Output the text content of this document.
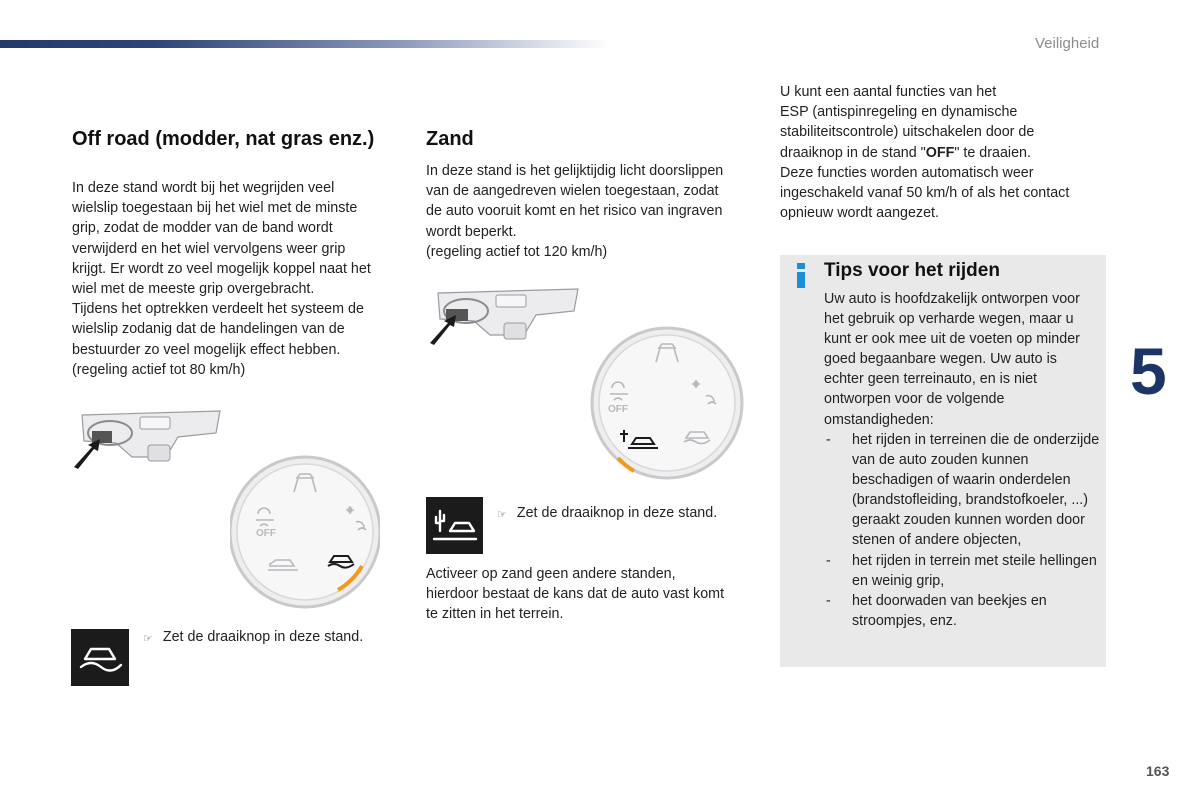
Veiligheid
5
163
Off road (modder, nat gras enz.)

In deze stand wordt bij het wegrijden veel
wielslip toegestaan bij het wiel met de minste
grip, zodat de modder van de band wordt
verwijderd en het wiel vervolgens weer grip
krijgt. Er wordt zo veel mogelijk koppel naat het
wiel met de meeste grip overgebracht.
Tijdens het optrekken verdeelt het systeem de
wielslip zodanig dat de handelingen van de
bestuurder zo veel mogelijk effect hebben.
(regeling actief tot 80 km/h)

OFF
☞ Zet de draaiknop in deze stand.
Zand

In deze stand is het gelijktijdig licht doorslippen
van de aangedreven wielen toegestaan, zodat
de auto vooruit komt en het risico van ingraven
wordt beperkt.
(regeling actief tot 120 km/h)

OFF
☞ Zet de draaiknop in deze stand.

Activeer op zand geen andere standen,
hierdoor bestaat de kans dat de auto vast komt
te zitten in het terrein.

U kunt een aantal functies van het
ESP (antispinregeling en dynamische
stabiliteitscontrole) uitschakelen door de
draaiknop in de stand "OFF" te draaien.
Deze functies worden automatisch weer
ingeschakeld vanaf 50 km/h of als het contact
opnieuw wordt aangezet.

Tips voor het rijden

Uw auto is hoofdzakelijk ontworpen voor het gebruik op verharde wegen, maar u kunt er ook mee uit de voeten op minder goed begaanbare wegen. Uw auto is echter geen terreinauto, en is niet ontworpen voor de volgende omstandigheden:

- het rijden in terreinen die de onderzijde van de auto zouden kunnen beschadigen of waarin onderdelen (brandstofleiding, brandstofkoeler, ...) geraakt zouden kunnen worden door stenen of andere objecten,
- het rijden in terrein met steile hellingen en weinig grip,
- het doorwaden van beekjes en stroompjes, enz.
